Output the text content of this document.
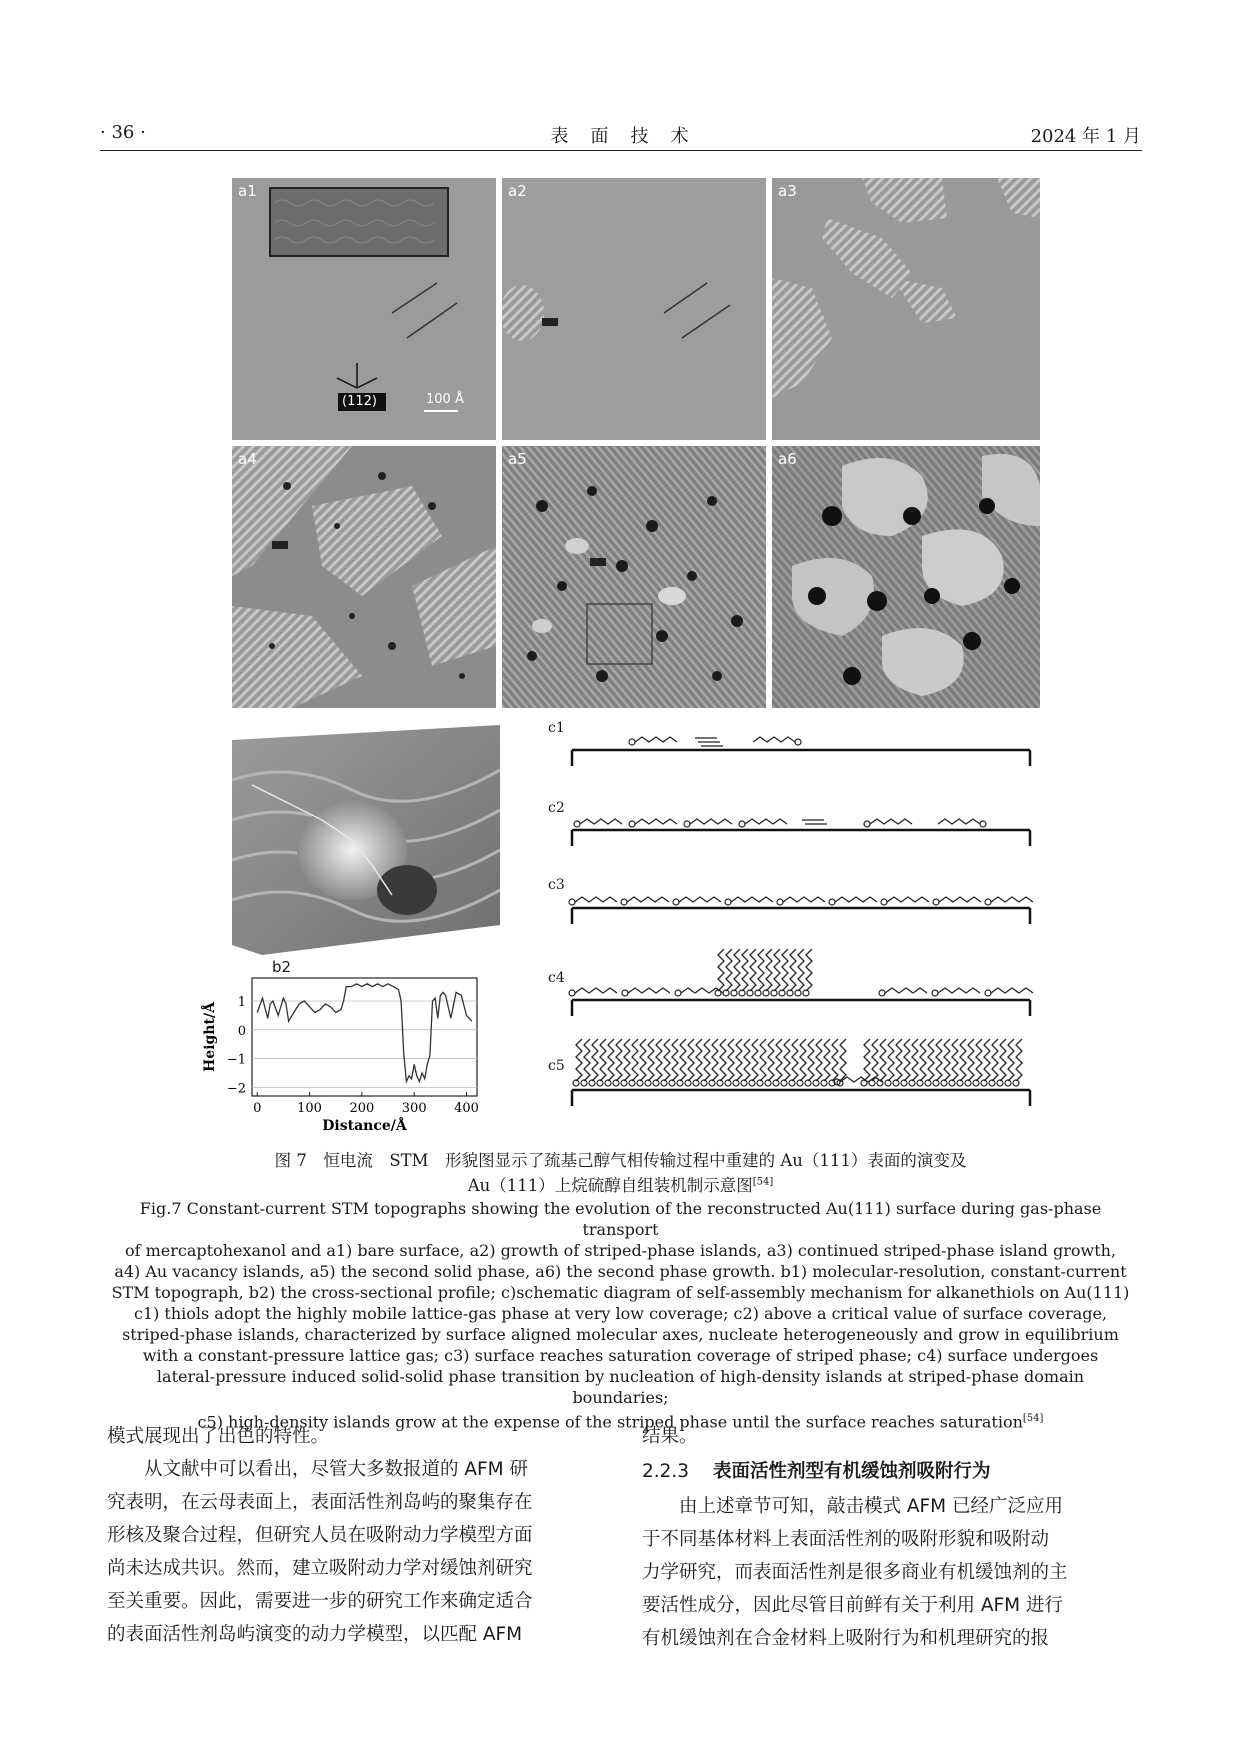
· 36 ·	表　面　技　术	2024 年 1 月
a1
(112)	100 Å
a2	a3
a4	a5	a6
b1
b2
1
0
−1
−2
0	100 200 300 400
Height/Å
Distance/Å
c1
c2
c3
c4
c5
图 7　恒电流　STM　形貌图显示了巯基己醇气相传输过程中重建的 Au（111）表面的演变及
Au（111）上烷硫醇自组装机制示意图[54]
Fig.7 Constant-current STM topographs showing the evolution of the reconstructed Au(111) surface during gas-phase transport
of mercaptohexanol and a1) bare surface, a2) growth of striped-phase islands, a3) continued striped-phase island growth,
a4) Au vacancy islands, a5) the second solid phase, a6) the second phase growth. b1) molecular-resolution, constant-current
STM topograph, b2) the cross-sectional profile; c)schematic diagram of self-assembly mechanism for alkanethiols on Au(111)
c1) thiols adopt the highly mobile lattice-gas phase at very low coverage; c2) above a critical value of surface coverage,
striped-phase islands, characterized by surface aligned molecular axes, nucleate heterogeneously and grow in equilibrium
with a constant-pressure lattice gas; c3) surface reaches saturation coverage of striped phase; c4) surface undergoes
lateral-pressure induced solid-solid phase transition by nucleation of high-density islands at striped-phase domain boundaries;
c5) high-density islands grow at the expense of the striped phase until the surface reaches saturation[54]
模式展现出了出色的特性。
　　从文献中可以看出，尽管大多数报道的 AFM 研
究表明，在云母表面上，表面活性剂岛屿的聚集存在
形核及聚合过程，但研究人员在吸附动力学模型方面
尚未达成共识。然而，建立吸附动力学对缓蚀剂研究
至关重要。因此，需要进一步的研究工作来确定适合
的表面活性剂岛屿演变的动力学模型，以匹配 AFM
结果。
2.2.3 表面活性剂型有机缓蚀剂吸附行为
　　由上述章节可知，敲击模式 AFM 已经广泛应用
于不同基体材料上表面活性剂的吸附形貌和吸附动
力学研究，而表面活性剂是很多商业有机缓蚀剂的主
要活性成分，因此尽管目前鲜有关于利用 AFM 进行
有机缓蚀剂在合金材料上吸附行为和机理研究的报
